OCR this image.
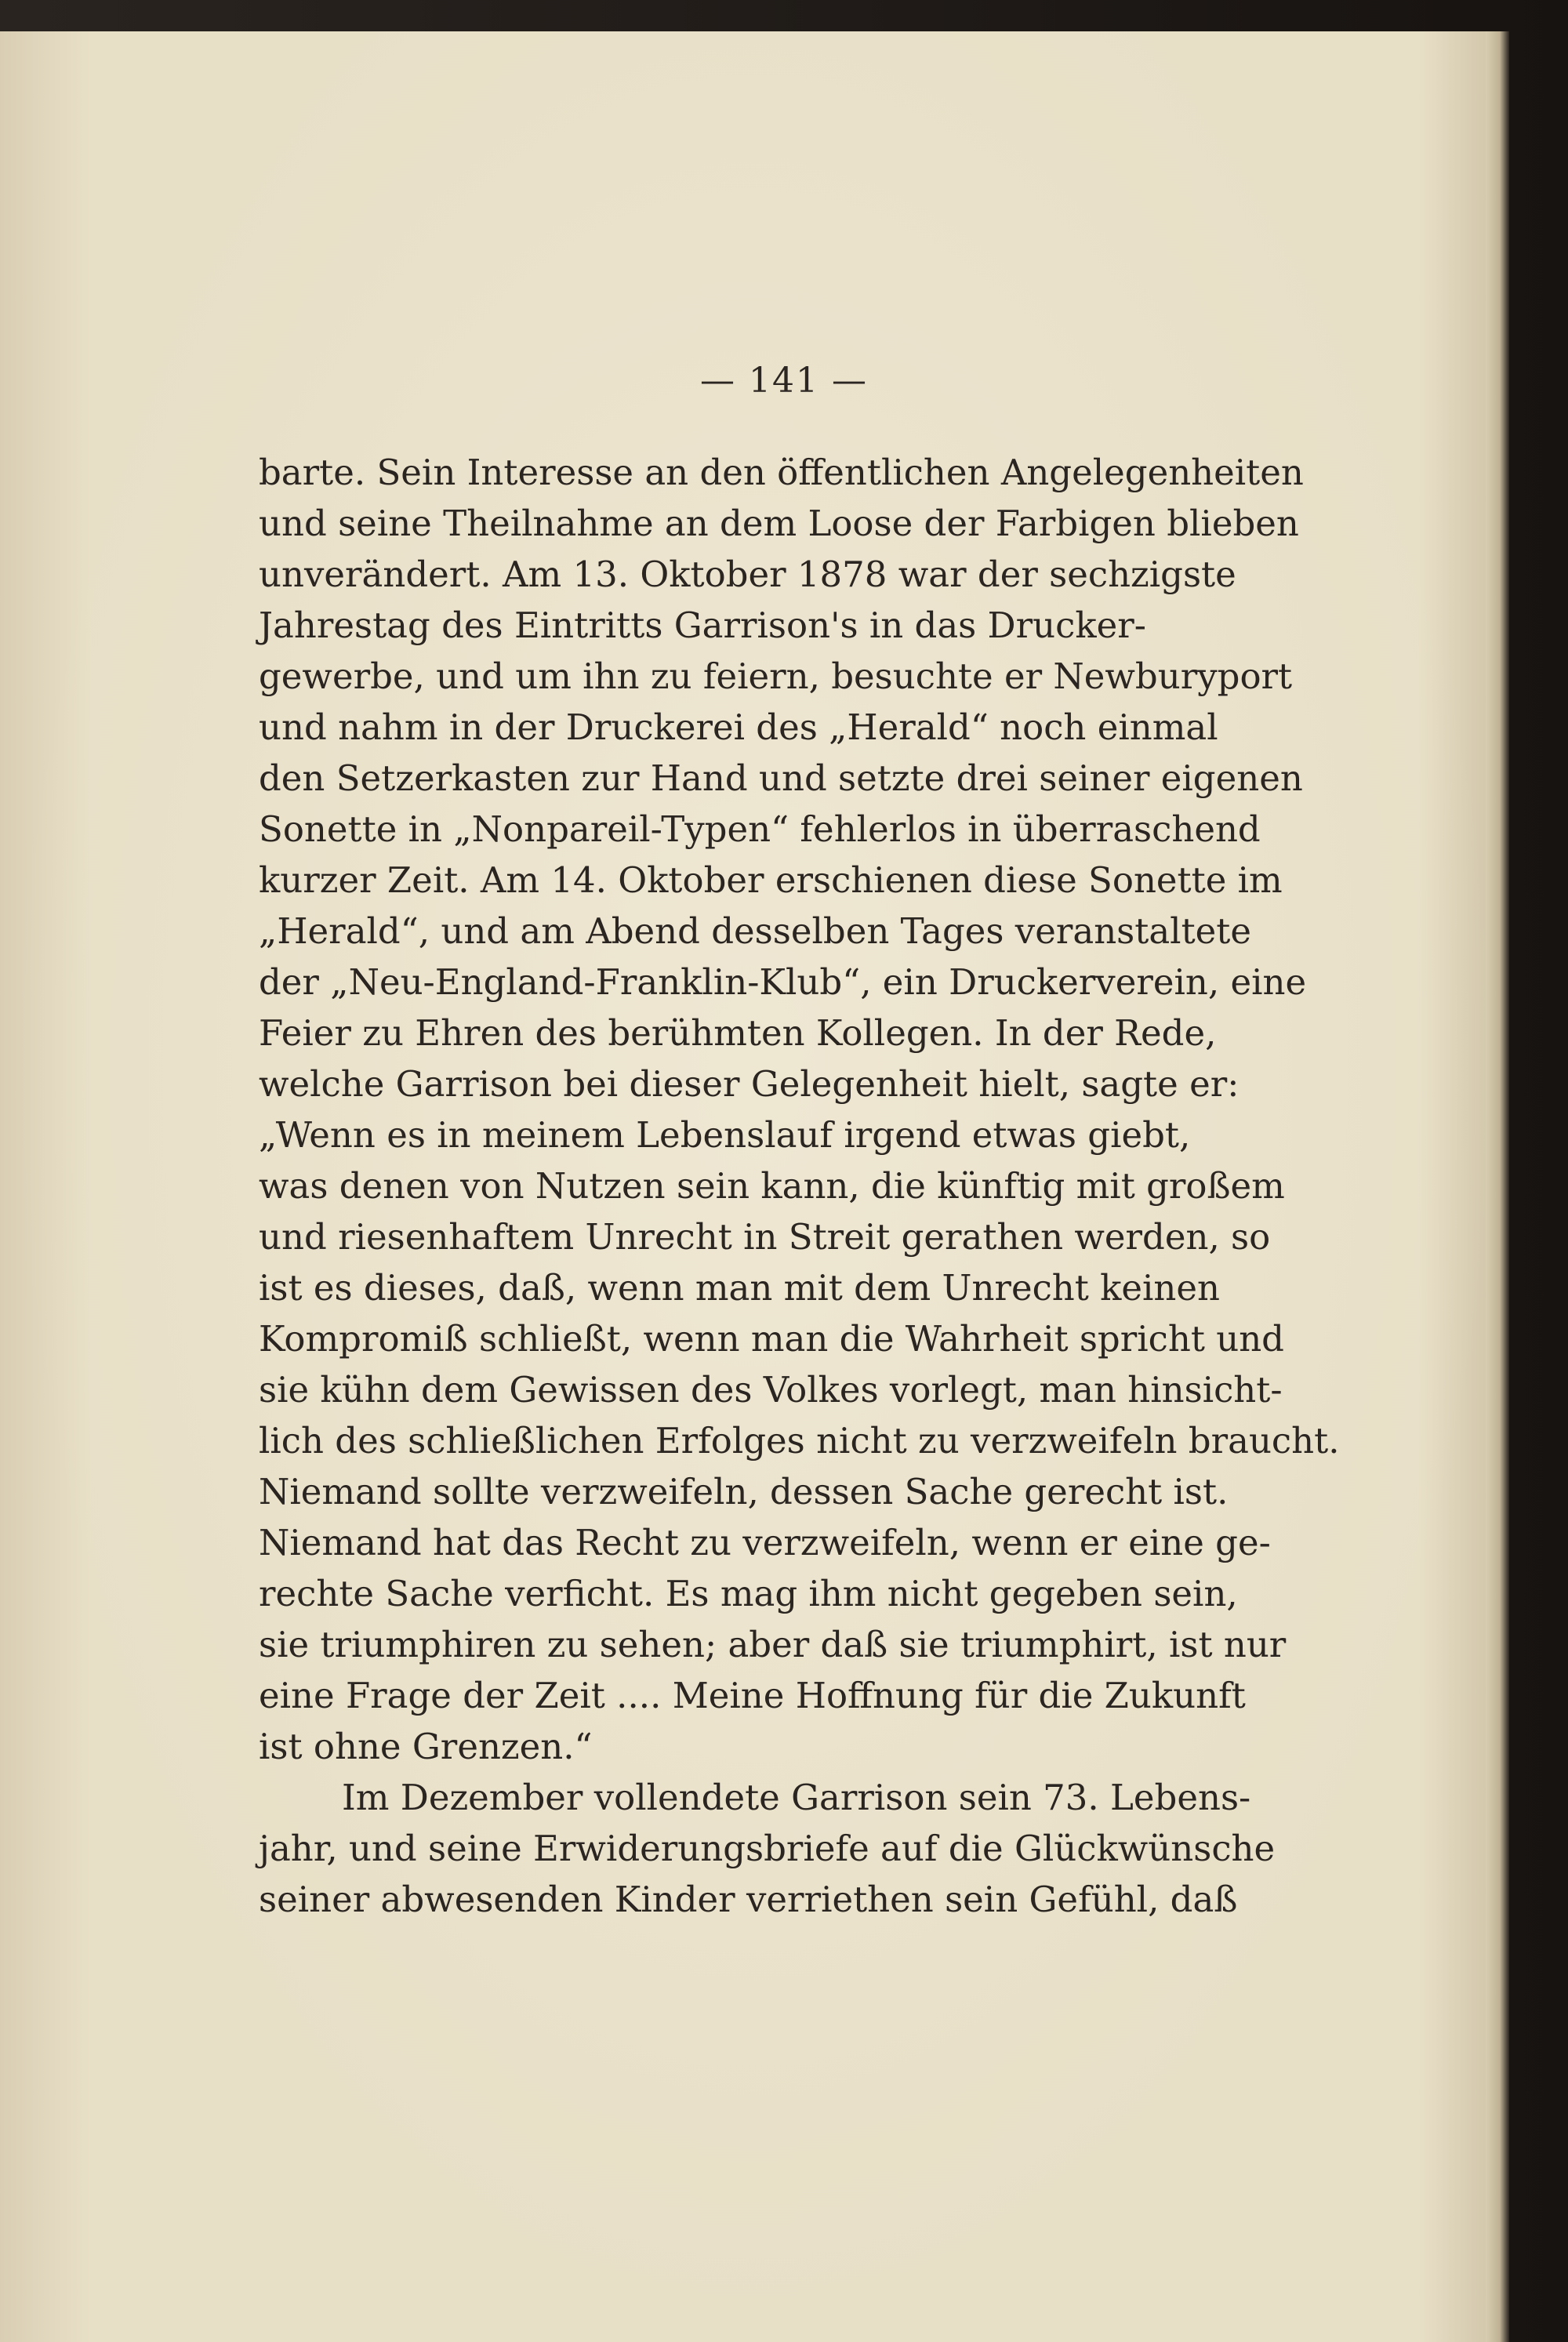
— 141 —
barte. Sein Interesse an den öffentlichen Angelegenheiten
und seine Theilnahme an dem Loose der Farbigen blieben
unverändert. Am 13. Oktober 1878 war der sechzigste
Jahrestag des Eintritts Garrison's in das Drucker-
gewerbe, und um ihn zu feiern, besuchte er Newburyport
und nahm in der Druckerei des „Herald“ noch einmal
den Setzerkasten zur Hand und setzte drei seiner eigenen
Sonette in „Nonpareil-Typen“ fehlerlos in überraschend
kurzer Zeit. Am 14. Oktober erschienen diese Sonette im
„Herald“, und am Abend desselben Tages veranstaltete
der „Neu-England-Franklin-Klub“, ein Druckerverein, eine
Feier zu Ehren des berühmten Kollegen. In der Rede,
welche Garrison bei dieser Gelegenheit hielt, sagte er:
„Wenn es in meinem Lebenslauf irgend etwas giebt,
was denen von Nutzen sein kann, die künftig mit großem
und riesenhaftem Unrecht in Streit gerathen werden, so
ist es dieses, daß, wenn man mit dem Unrecht keinen
Kompromiß schließt, wenn man die Wahrheit spricht und
sie kühn dem Gewissen des Volkes vorlegt, man hinsicht-
lich des schließlichen Erfolges nicht zu verzweifeln braucht.
Niemand sollte verzweifeln, dessen Sache gerecht ist.
Niemand hat das Recht zu verzweifeln, wenn er eine ge-
rechte Sache verficht. Es mag ihm nicht gegeben sein,
sie triumphiren zu sehen; aber daß sie triumphirt, ist nur
eine Frage der Zeit .... Meine Hoffnung für die Zukunft
ist ohne Grenzen.“
Im Dezember vollendete Garrison sein 73. Lebens-
jahr, und seine Erwiderungsbriefe auf die Glückwünsche
seiner abwesenden Kinder verriethen sein Gefühl, daß
